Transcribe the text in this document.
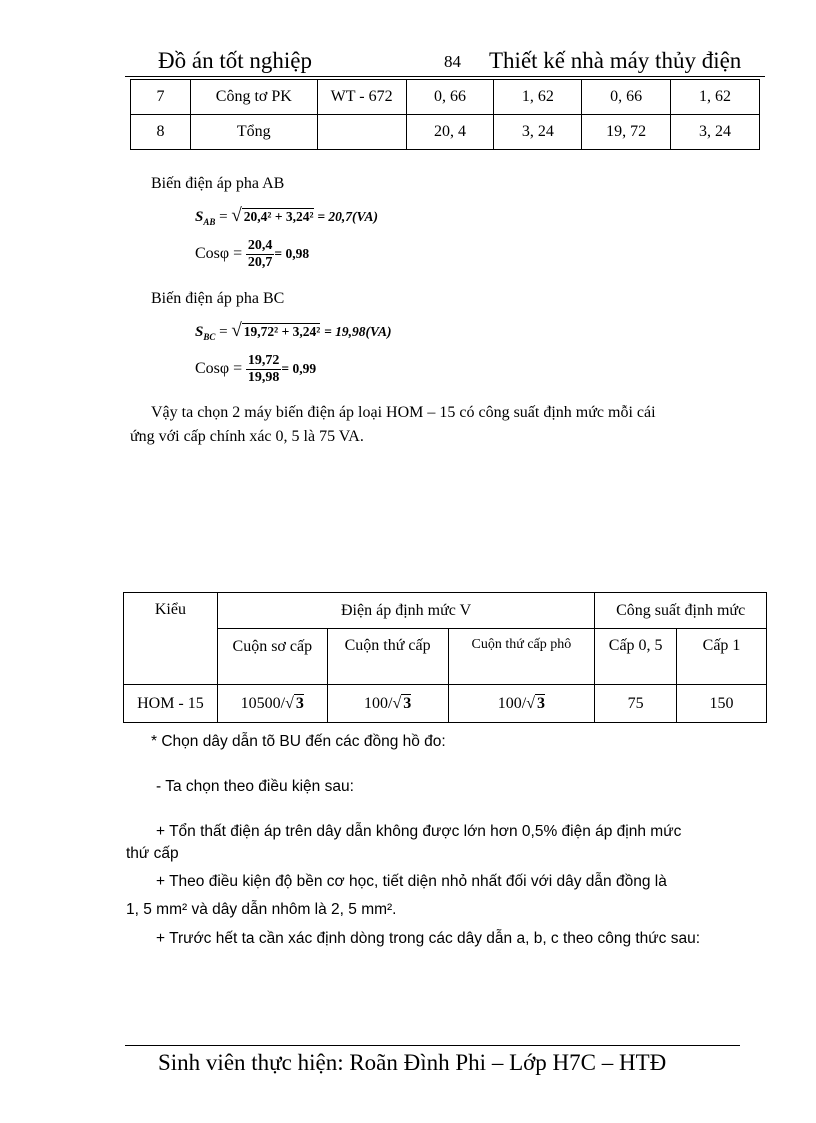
Đồ án tốt nghiệp	84 Thiết kế nhà máy thủy điện
7	Công tơ PK	WT - 672	0, 66	1, 62	0, 66	1, 62
8	Tổng		20, 4	3, 24	19, 72	3, 24
Biến điện áp pha AB
$S_{AB}$ = √ 20,4² + 3,24² = 20,7(VA)
$Cos\varphi = \frac{20,4}{20,7} = 0,98$
Biến điện áp pha BC
$S_{BC}$ = √ 19,72² + 3,24² = 19,98(VA)
$Cos\varphi = \frac{19,72}{19,98} = 0,99$
Vậy ta chọn 2 máy biến điện áp loại HOM – 15 có công suất định mức mỗi cái
ứng với cấp chính xác 0, 5 là 75 VA.
Kiểu	Điện áp định mức V			Công suất định mức	
	Cuộn sơ cấp	Cuộn thứ cấp	Cuộn thứ cấp phô	Cấp 0, 5	Cấp 1
HOM - 15	10500/√ 3	100/√ 3	100/√ 3	75	150
* Chọn dây dẫn tõ BU đến các đồng hồ đo:
- Ta chọn theo điều kiện sau:
+ Tổn thất điện áp trên dây dẫn không được lớn hơn 0,5% điện áp định mức
thứ cấp
+ Theo điều kiện độ bền cơ học, tiết diện nhỏ nhất đối với dây dẫn đồng là
1, 5 mm² và dây dẫn nhôm là 2, 5 mm².
+ Trước hết ta cần xác định dòng trong các dây dẫn a, b, c theo công thức sau:
Sinh viên thực hiện: Roãn Đình Phi – Lớp H7C – HTĐ
